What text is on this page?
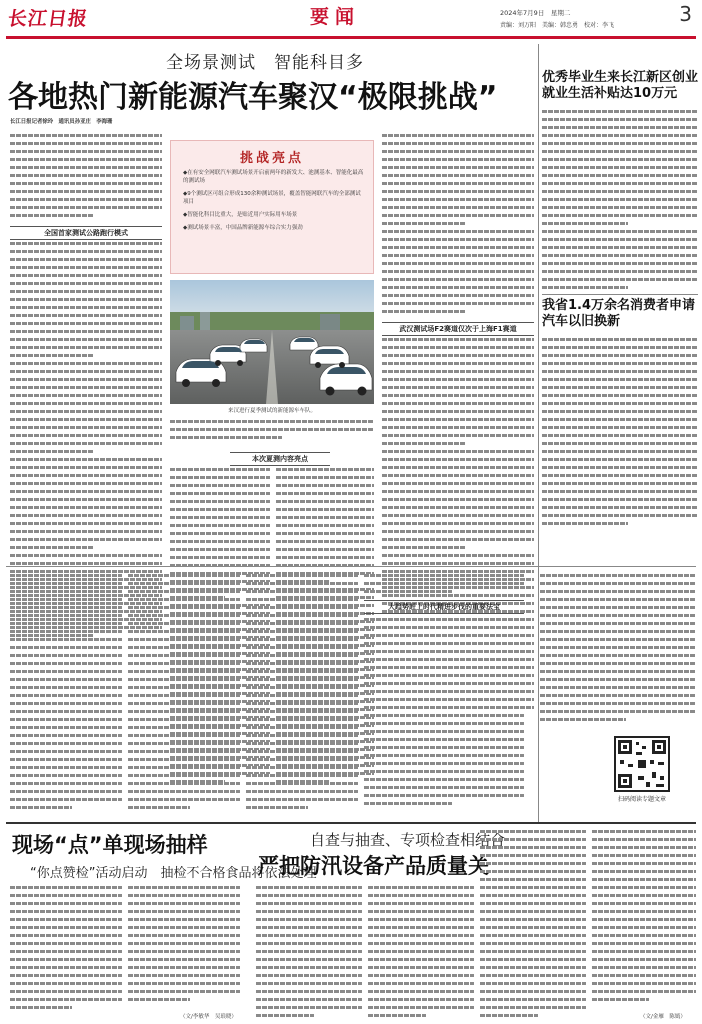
长江日报	要闻	2024年7月9日　星期二
责编：刘万阳　美编：韩忠勇　校对：李飞	3
全场景测试　智能科目多
各地热门新能源汽车聚汉“极限挑战”
长江日报记者徐玲　通讯员孙亚庄　李海珊
全国首家测试公路跑行模式
挑战亮点
◆在有安全网联汽车测试场景开启前两年的新发大、池测基本、智能化最高的测试场
◆9个测试区可组合形成130余种测试场景，覆盖智能网联汽车的全部测试项目
◆智能化科目比重大，是贴近用户实际用车场景
◆测试场景丰富，中国品牌新能源车综合实力强劲
来汉进行夏季测试的新能源车车队。
本次夏测内容亮点
武汉测试场F2赛道仅次于上海F1赛道
优秀毕业生来长江新区创业就业生活补贴达10万元
我省1.4万余名消费者申请汽车以旧换新
大趋势赶上时代精进步伐的重要法宝
扫码阅读专题文章
现场“点”单现场抽样
“你点赞检”活动启动　抽检不合格食品将依法处理
（文/李敏华　吴琅晓）
自查与抽查、专项检查相结合
严把防汛设备产品质量关
（文/金雁　陈嫣）
